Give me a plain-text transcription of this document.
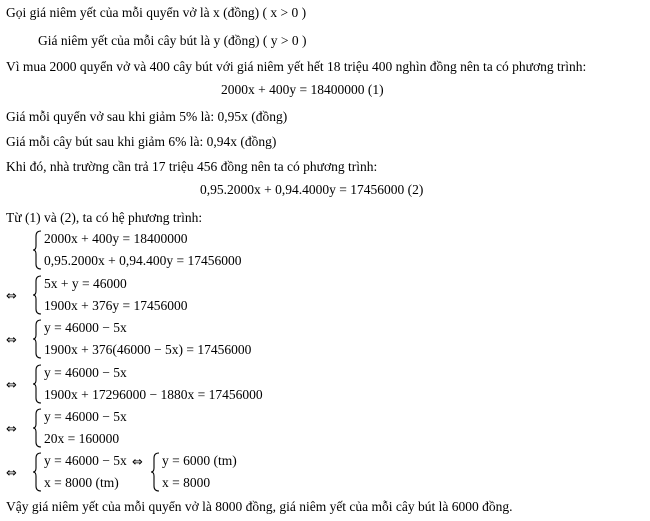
Gọi giá niêm yết của mỗi quyển vở là x (đồng) ( x > 0 )
Giá niêm yết của mỗi cây bút là y (đồng) ( y > 0 )
Vì mua 2000 quyển vở và 400 cây bút với giá niêm yết hết 18 triệu 400 nghìn đồng nên ta có phương trình:
2000x + 400y = 18400000 (1)
Giá mỗi quyển vở sau khi giảm 5% là: 0,95x (đồng)
Giá mỗi cây bút sau khi giảm 6% là: 0,94x (đồng)
Khi đó, nhà trường cần trả 17 triệu 456 đồng nên ta có phương trình:
0,95.2000x + 0,94.4000y = 17456000 (2)
Từ (1) và (2), ta có hệ phương trình:
2000x + 400y = 18400000
0,95.2000x + 0,94.400y = 17456000
⇔
5x + y = 46000
1900x + 376y = 17456000
⇔
y = 46000 − 5x
1900x + 376(46000 − 5x) = 17456000
⇔
y = 46000 − 5x
1900x + 17296000 − 1880x = 17456000
⇔
y = 46000 − 5x
20x = 160000
⇔
y = 46000 − 5x
x = 8000 (tm)
⇔ y = 6000 (tm)
x = 8000
Vậy giá niêm yết của mỗi quyển vở là 8000 đồng, giá niêm yết của mỗi cây bút là 6000 đồng.
